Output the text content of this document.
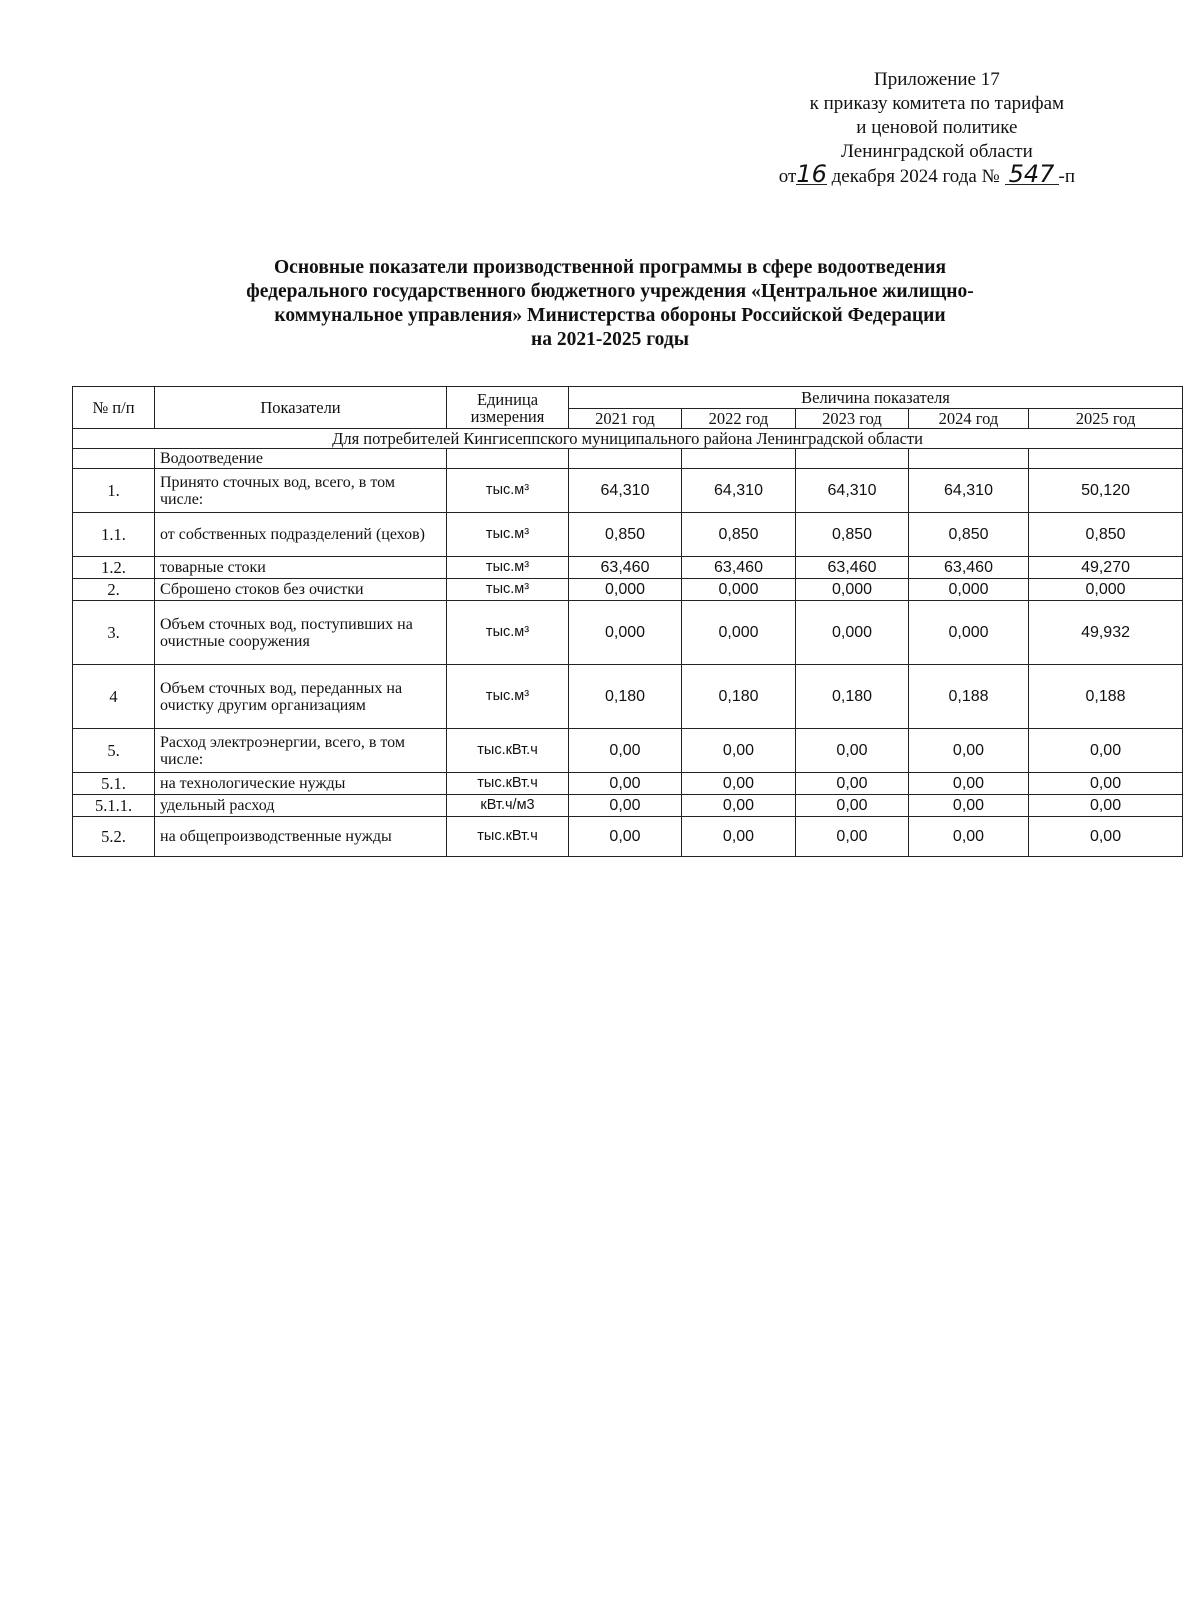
Приложение 17
к приказу комитета по тарифам
и ценовой политике
Ленинградской области
от16 декабря 2024 года № 547 -п
Основные показатели производственной программы в сфере водоотведения
федерального государственного бюджетного учреждения «Центральное жилищно-
коммунальное управления» Министерства обороны Российской Федерации
на 2021-2025 годы
№ п/п	Показатели	Единица измерения	Величина показателя				
			2021 год	2022 год	2023 год	2024 год	2025 год
Для потребителей Кингисеппского муниципального района Ленинградской области							
	Водоотведение						
1.	Принято сточных вод, всего, в том числе:	тыс.м³	64,310	64,310	64,310	64,310	50,120
1.1.	от собственных подразделений (цехов)	тыс.м³	0,850	0,850	0,850	0,850	0,850
1.2.	товарные стоки	тыс.м³	63,460	63,460	63,460	63,460	49,270
2.	Сброшено стоков без очистки	тыс.м³	0,000	0,000	0,000	0,000	0,000
3.	Объем сточных вод, поступивших на очистные сооружения	тыс.м³	0,000	0,000	0,000	0,000	49,932
4	Объем сточных вод, переданных на очистку другим организациям	тыс.м³	0,180	0,180	0,180	0,188	0,188
5.	Расход электроэнергии, всего, в том числе:	тыс.кВт.ч	0,00	0,00	0,00	0,00	0,00
5.1.	на технологические нужды	тыс.кВт.ч	0,00	0,00	0,00	0,00	0,00
5.1.1.	удельный расход	кВт.ч/м3	0,00	0,00	0,00	0,00	0,00
5.2.	на общепроизводственные нужды	тыс.кВт.ч	0,00	0,00	0,00	0,00	0,00
